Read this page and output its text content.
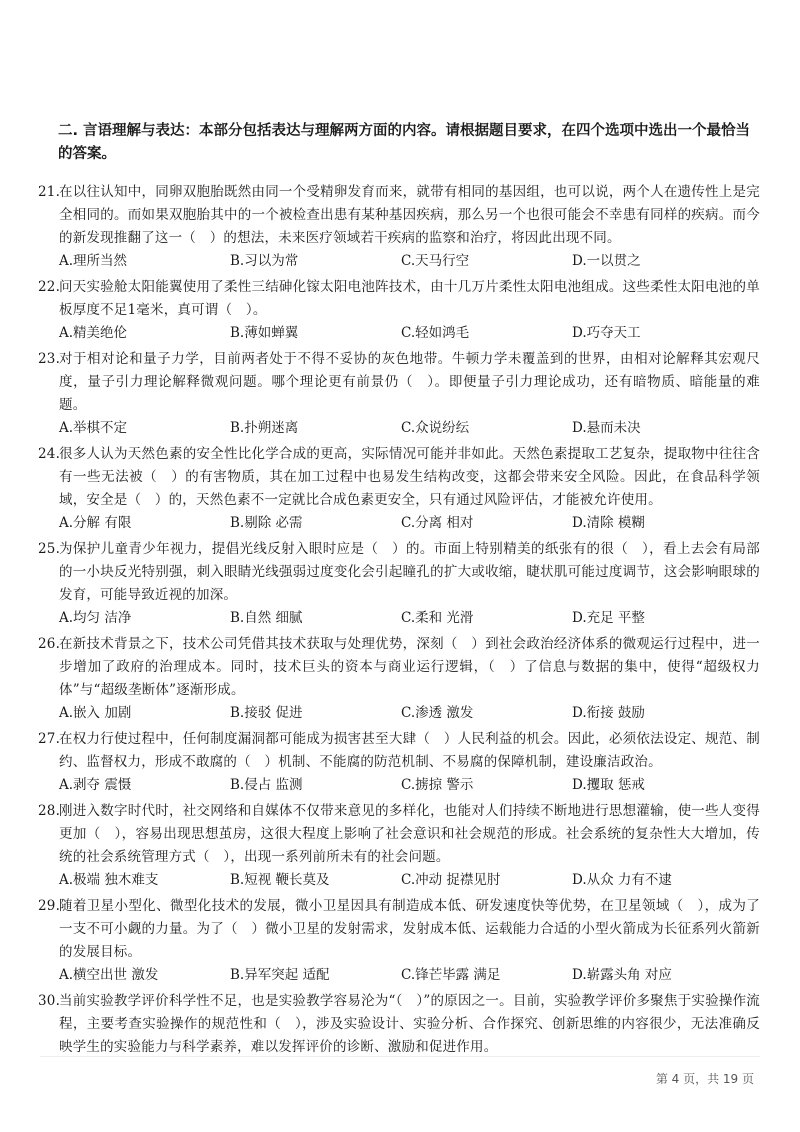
二. 言语理解与表达：本部分包括表达与理解两方面的内容。请根据题目要求，在四个选项中选出一个最恰当的答案。
21.
在以往认知中，同卵双胞胎既然由同一个受精卵发育而来，就带有相同的基因组，也可以说，两个人在遗传性上是完全相同的。而如果双胞胎其中的一个被检查出患有某种基因疾病，那么另一个也很可能会不幸患有同样的疾病。而今的新发现推翻了这一（　）的想法，未来医疗领域若干疾病的监察和治疗，将因此出现不同。
A.理所当然	B.习以为常	C.天马行空	D.一以贯之
22.
问天实验舱太阳能翼使用了柔性三结砷化镓太阳电池阵技术，由十几万片柔性太阳电池组成。这些柔性太阳电池的单板厚度不足1毫米，真可谓（　）。
A.精美绝伦	B.薄如蝉翼	C.轻如鸿毛	D.巧夺天工
23.
对于相对论和量子力学，目前两者处于不得不妥协的灰色地带。牛顿力学未覆盖到的世界，由相对论解释其宏观尺度，量子引力理论解释微观问题。哪个理论更有前景仍（　）。即便量子引力理论成功，还有暗物质、暗能量的难题。
A.举棋不定	B.扑朔迷离	C.众说纷纭	D.悬而未决
24.
很多人认为天然色素的安全性比化学合成的更高，实际情况可能并非如此。天然色素提取工艺复杂，提取物中往往含有一些无法被（　）的有害物质，其在加工过程中也易发生结构改变，这都会带来安全风险。因此，在食品科学领域，安全是（　）的，天然色素不一定就比合成色素更安全，只有通过风险评估，才能被允许使用。
A.分解 有限	B.剔除 必需	C.分离 相对	D.清除 模糊
25.
为保护儿童青少年视力，提倡光线反射入眼时应是（　）的。市面上特别精美的纸张有的很（　），看上去会有局部的一小块反光特别强，刺入眼睛光线强弱过度变化会引起瞳孔的扩大或收缩，睫状肌可能过度调节，这会影响眼球的发育，可能导致近视的加深。
A.均匀 洁净	B.自然 细腻	C.柔和 光滑	D.充足 平整
26.
在新技术背景之下，技术公司凭借其技术获取与处理优势，深刻（　）到社会政治经济体系的微观运行过程中，进一步增加了政府的治理成本。同时，技术巨头的资本与商业运行逻辑，（　）了信息与数据的集中，使得“超级权力体”与“超级垄断体”逐渐形成。
A.嵌入 加剧	B.接驳 促进	C.渗透 激发	D.衔接 鼓励
27.
在权力行使过程中，任何制度漏洞都可能成为损害甚至大肆（　）人民利益的机会。因此，必须依法设定、规范、制约、监督权力，形成不敢腐的（　）机制、不能腐的防范机制、不易腐的保障机制，建设廉洁政治。
A.剥夺 震慑	B.侵占 监测	C.掳掠 警示	D.攫取 惩戒
28.
刚进入数字时代时，社交网络和自媒体不仅带来意见的多样化，也能对人们持续不断地进行思想灌输，使一些人变得更加（　），容易出现思想茧房，这很大程度上影响了社会意识和社会规范的形成。社会系统的复杂性大大增加，传统的社会系统管理方式（　），出现一系列前所未有的社会问题。
A.极端 独木难支	B.短视 鞭长莫及	C.冲动 捉襟见肘	D.从众 力有不逮
29.
随着卫星小型化、微型化技术的发展，微小卫星因具有制造成本低、研发速度快等优势，在卫星领域（　），成为了一支不可小觑的力量。为了（　）微小卫星的发射需求，发射成本低、运载能力合适的小型火箭成为长征系列火箭新的发展目标。
A.横空出世 激发	B.异军突起 适配	C.锋芒毕露 满足	D.崭露头角 对应
30.
当前实验教学评价科学性不足，也是实验教学容易沦为“（　）”的原因之一。目前，实验教学评价多聚焦于实验操作流程，主要考查实验操作的规范性和（　），涉及实验设计、实验分析、合作探究、创新思维的内容很少，无法准确反映学生的实验能力与科学素养，难以发挥评价的诊断、激励和促进作用。
第 4 页，共 19 页
